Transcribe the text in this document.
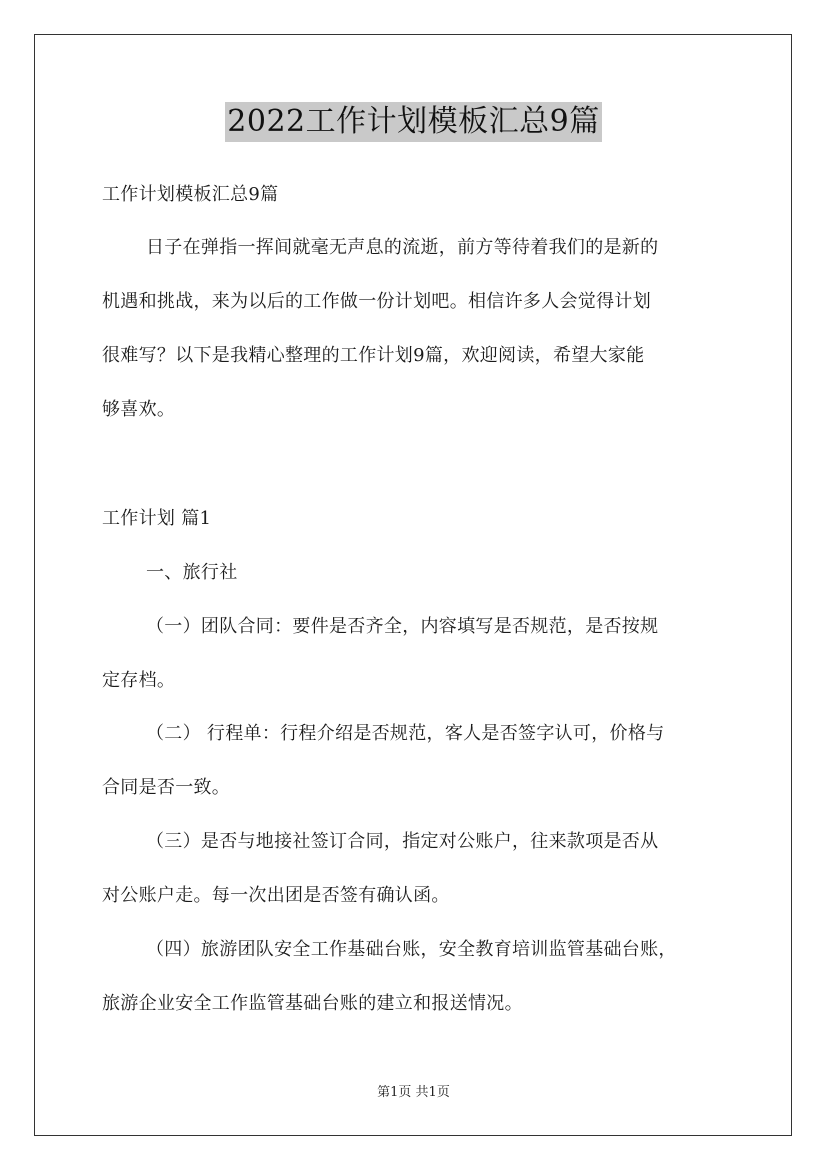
2022工作计划模板汇总9篇
工作计划模板汇总9篇
日子在弹指一挥间就毫无声息的流逝，前方等待着我们的是新的
机遇和挑战，来为以后的工作做一份计划吧。相信许多人会觉得计划
很难写？以下是我精心整理的工作计划9篇，欢迎阅读，希望大家能
够喜欢。
工作计划 篇1
一、旅行社
（一）团队合同：要件是否齐全，内容填写是否规范，是否按规
定存档。
（二） 行程单：行程介绍是否规范，客人是否签字认可，价格与
合同是否一致。
（三）是否与地接社签订合同，指定对公账户，往来款项是否从
对公账户走。每一次出团是否签有确认函。
（四）旅游团队安全工作基础台账，安全教育培训监管基础台账，
旅游企业安全工作监管基础台账的建立和报送情况。
第1页 共1页
